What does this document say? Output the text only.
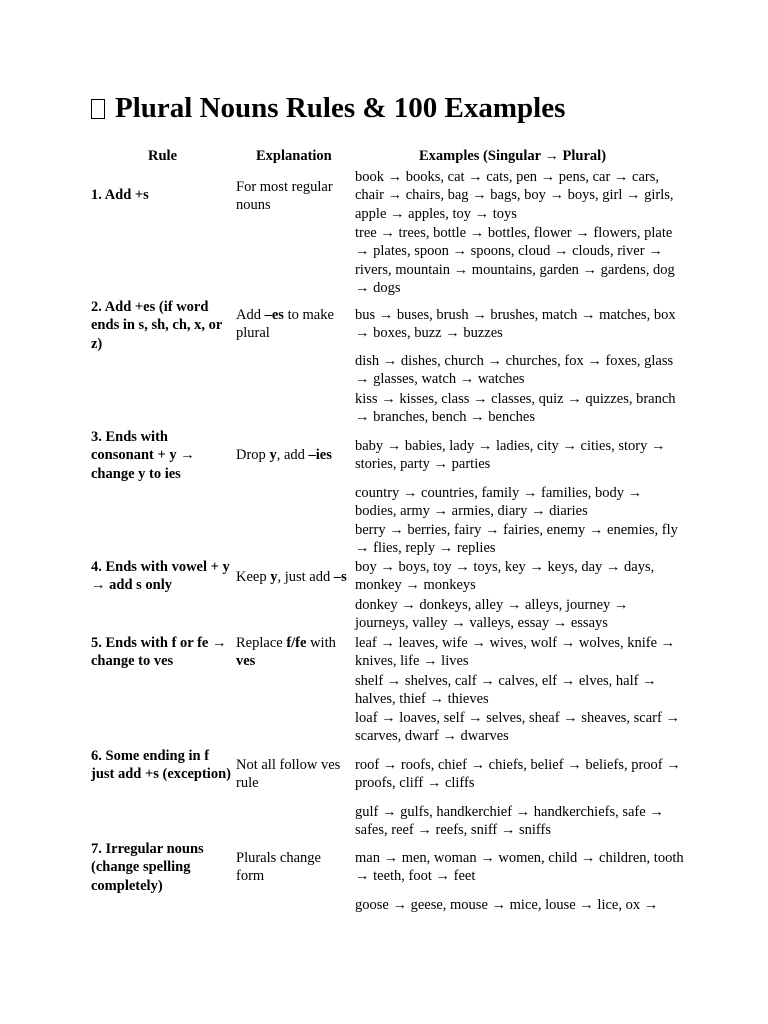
Plural Nouns Rules & 100 Examples
Rule	Explanation	Examples (Singular → Plural)
1. Add +s
2. Add +es (if word ends in s, sh, ch, x, or z)
3. Ends with consonant + y → change y to ies
4. Ends with vowel + y → add s only
5. Ends with f or fe → change to ves
6. Some ending in f just add +s (exception)
7. Irregular nouns (change spelling completely)
For most regular nouns
Add –es to make plural
Drop y, add –ies
Keep y, just add –s
Replace f/fe with ves
Not all follow ves rule
Plurals change form
book → books, cat → cats, pen → pens, car → cars, chair → chairs, bag → bags, boy → boys, girl → girls, apple → apples, toy → toys
tree → trees, bottle → bottles, flower → flowers, plate → plates, spoon → spoons, cloud → clouds, river → rivers, mountain → mountains, garden → gardens, dog → dogs
bus → buses, brush → brushes, match → matches, box → boxes, buzz → buzzes
dish → dishes, church → churches, fox → foxes, glass → glasses, watch → watches
kiss → kisses, class → classes, quiz → quizzes, branch → branches, bench → benches
baby → babies, lady → ladies, city → cities, story → stories, party → parties
country → countries, family → families, body → bodies, army → armies, diary → diaries
berry → berries, fairy → fairies, enemy → enemies, fly → flies, reply → replies
boy → boys, toy → toys, key → keys, day → days, monkey → monkeys
donkey → donkeys, alley → alleys, journey → journeys, valley → valleys, essay → essays
leaf → leaves, wife → wives, wolf → wolves, knife → knives, life → lives
shelf → shelves, calf → calves, elf → elves, half → halves, thief → thieves
loaf → loaves, self → selves, sheaf → sheaves, scarf → scarves, dwarf → dwarves
roof → roofs, chief → chiefs, belief → beliefs, proof → proofs, cliff → cliffs
gulf → gulfs, handkerchief → handkerchiefs, safe → safes, reef → reefs, sniff → sniffs
man → men, woman → women, child → children, tooth → teeth, foot → feet
goose → geese, mouse → mice, louse → lice, ox →
